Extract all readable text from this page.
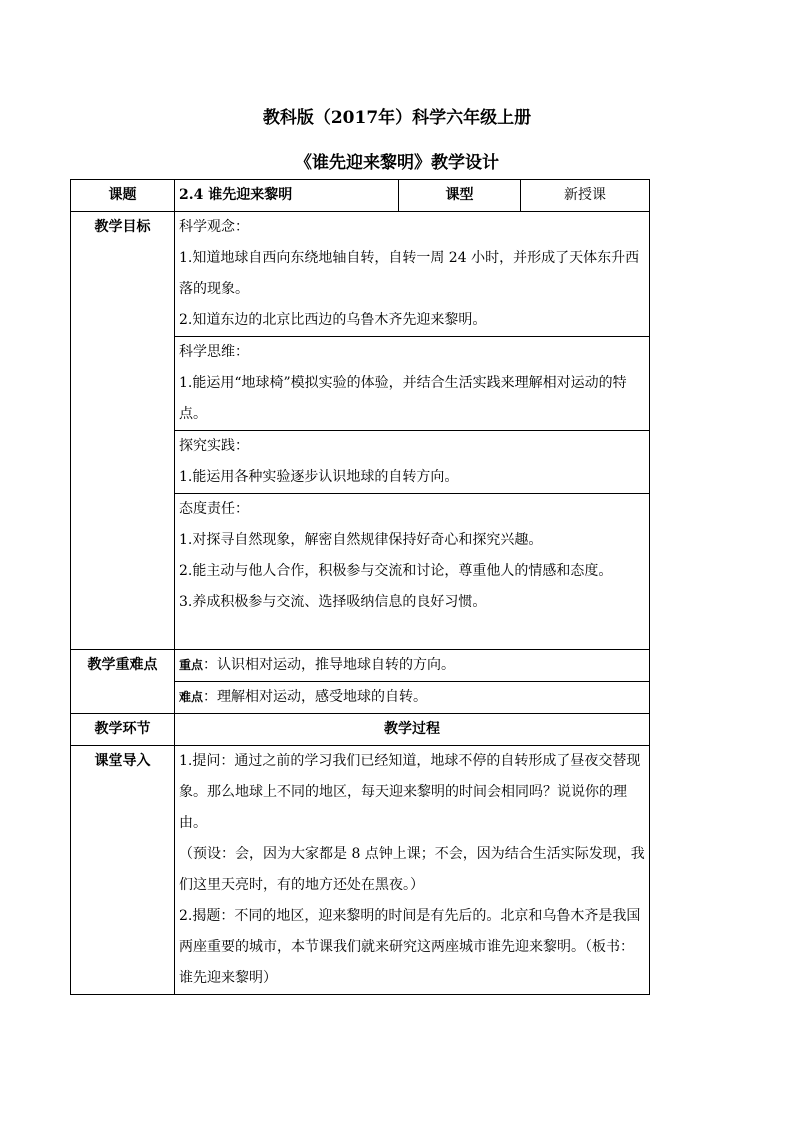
教科版（2017年）科学六年级上册
《谁先迎来黎明》教学设计
课题	2.4 谁先迎来黎明	课型	新授课
教学目标	科学观念：
1.知道地球自西向东绕地轴自转，自转一周 24 小时，并形成了天体东升西落的现象。
2.知道东边的北京比西边的乌鲁木齐先迎来黎明。		

	科学思维：
1.能运用“地球椅”模拟实验的体验，并结合生活实践来理解相对运动的特点。		

	探究实践：
1.能运用各种实验逐步认识地球的自转方向。		

	态度责任：
1.对探寻自然现象，解密自然规律保持好奇心和探究兴趣。
2.能主动与他人合作，积极参与交流和讨论，尊重他人的情感和态度。
3.养成积极参与交流、选择吸纳信息的良好习惯。		

教学重难点	重点：认识相对运动，推导地球自转的方向。		
	难点：理解相对运动，感受地球的自转。		
教学环节	教学过程		
课堂导入	1.提问：通过之前的学习我们已经知道，地球不停的自转形成了昼夜交替现象。那么地球上不同的地区，每天迎来黎明的时间会相同吗？说说你的理由。
（预设：会，因为大家都是 8 点钟上课；不会，因为结合生活实际发现，我们这里天亮时，有的地方还处在黑夜。）
2.揭题：不同的地区，迎来黎明的时间是有先后的。北京和乌鲁木齐是我国两座重要的城市，本节课我们就来研究这两座城市谁先迎来黎明。（板书：谁先迎来黎明）		
